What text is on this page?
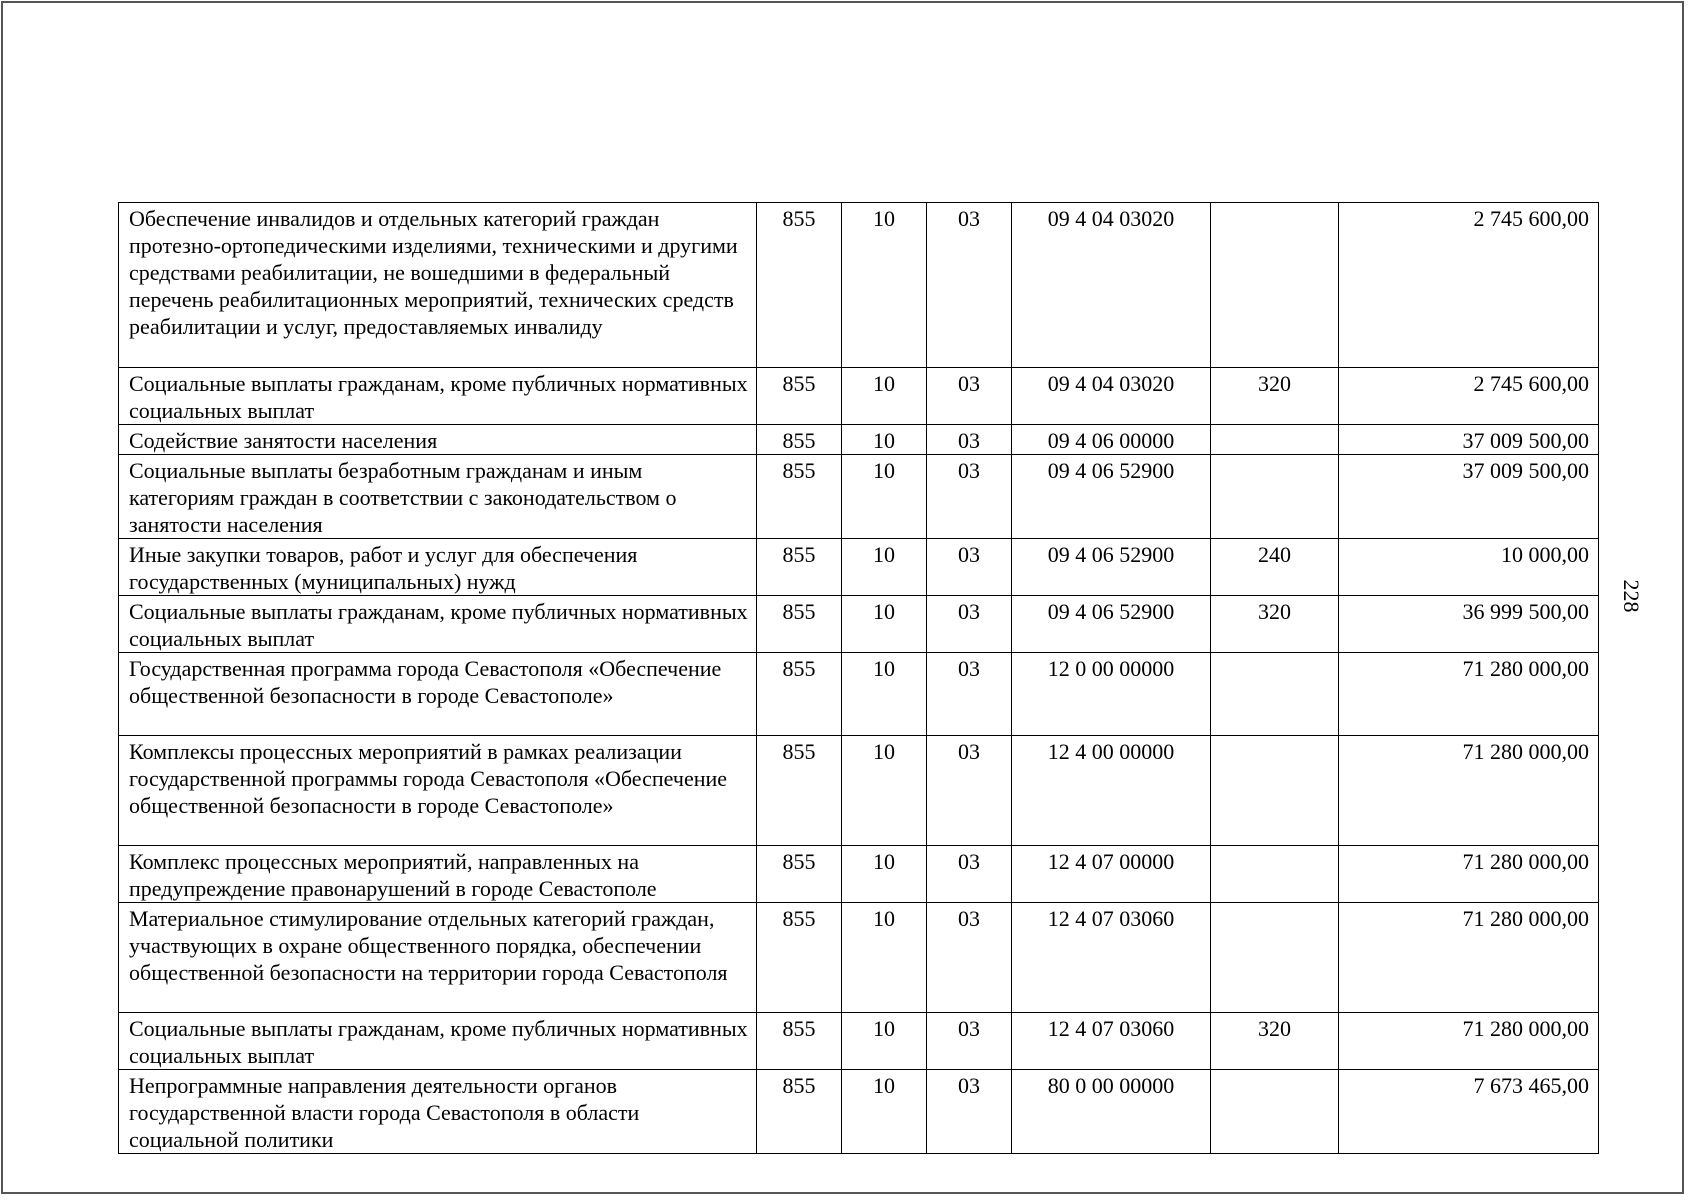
Обеспечение инвалидов и отдельных категорий граждан протезно-ортопедическими изделиями, техническими и другими средствами реабилитации, не вошедшими в федеральный перечень реабилитационных мероприятий, технических средств реабилитации и услуг, предоставляемых инвалиду	855	10	03	09 4 04 03020		2 745 600,00
Социальные выплаты гражданам, кроме публичных нормативных социальных выплат	855	10	03	09 4 04 03020	320	2 745 600,00
Содействие занятости населения	855	10	03	09 4 06 00000		37 009 500,00
Социальные выплаты безработным гражданам и иным категориям граждан в соответствии с законодательством о занятости населения	855	10	03	09 4 06 52900		37 009 500,00
Иные закупки товаров, работ и услуг для обеспечения государственных (муниципальных) нужд	855	10	03	09 4 06 52900	240	10 000,00
Социальные выплаты гражданам, кроме публичных нормативных социальных выплат	855	10	03	09 4 06 52900	320	36 999 500,00
Государственная программа города Севастополя «Обеспечение общественной безопасности в городе Севастополе»	855	10	03	12 0 00 00000		71 280 000,00
Комплексы процессных мероприятий в рамках реализации государственной программы города Севастополя «Обеспечение общественной безопасности в городе Севастополе»	855	10	03	12 4 00 00000		71 280 000,00
Комплекс процессных мероприятий, направленных на предупреждение правонарушений в городе Севастополе	855	10	03	12 4 07 00000		71 280 000,00
Материальное стимулирование отдельных категорий граждан, участвующих в охране общественного порядка, обеспечении общественной безопасности на территории города Севастополя	855	10	03	12 4 07 03060		71 280 000,00
Социальные выплаты гражданам, кроме публичных нормативных социальных выплат	855	10	03	12 4 07 03060	320	71 280 000,00
Непрограммные направления деятельности органов государственной власти города Севастополя в области социальной политики	855	10	03	80 0 00 00000		7 673 465,00
228
